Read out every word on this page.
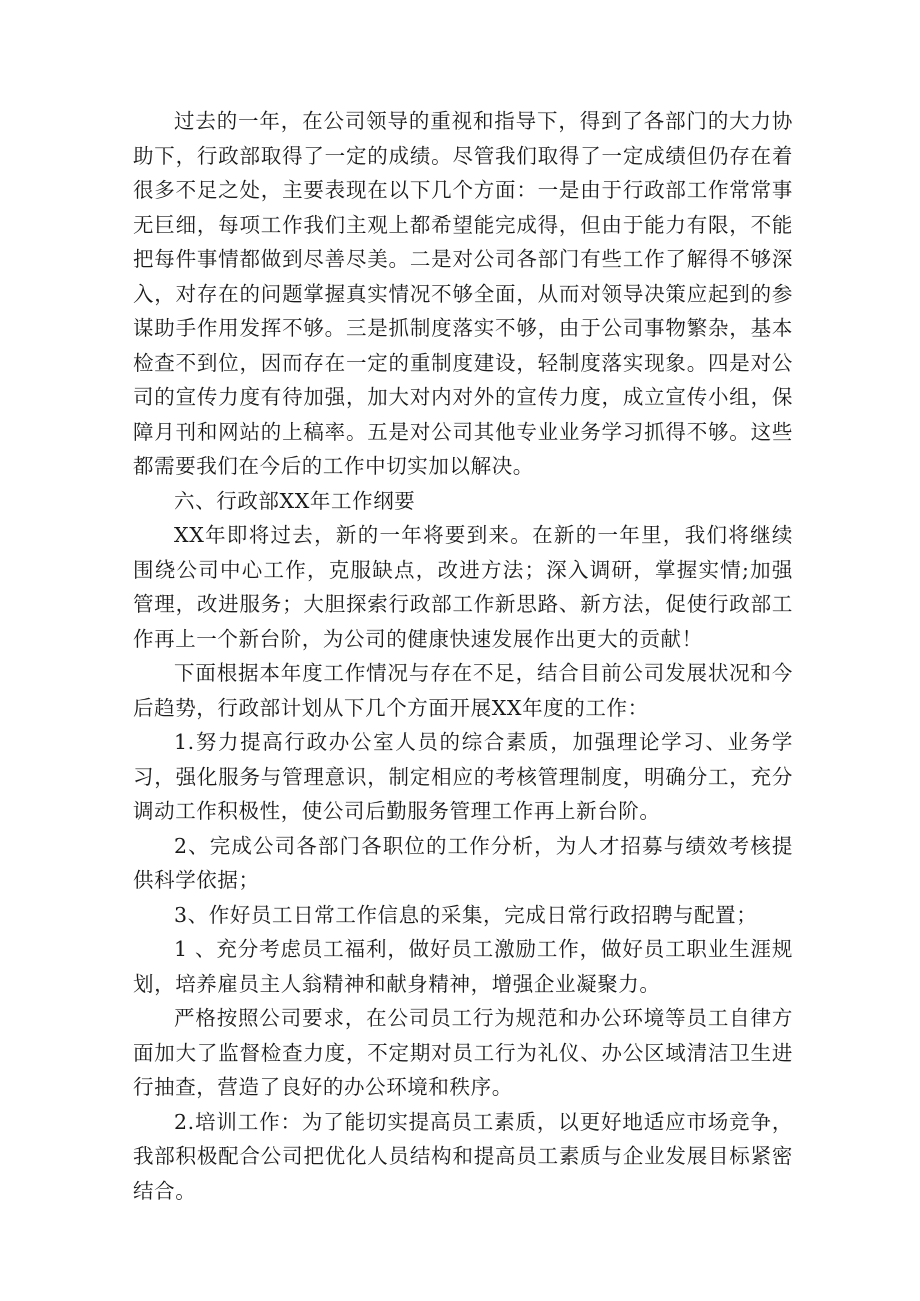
过去的一年，在公司领导的重视和指导下，得到了各部门的大力协助下，行政部取得了一定的成绩。尽管我们取得了一定成绩但仍存在着很多不足之处，主要表现在以下几个方面：一是由于行政部工作常常事无巨细，每项工作我们主观上都希望能完成得，但由于能力有限，不能把每件事情都做到尽善尽美。二是对公司各部门有些工作了解得不够深入，对存在的问题掌握真实情况不够全面，从而对领导决策应起到的参谋助手作用发挥不够。三是抓制度落实不够，由于公司事物繁杂，基本检查不到位，因而存在一定的重制度建设，轻制度落实现象。四是对公司的宣传力度有待加强，加大对内对外的宣传力度，成立宣传小组，保障月刊和网站的上稿率。五是对公司其他专业业务学习抓得不够。这些都需要我们在今后的工作中切实加以解决。

六、行政部XX年工作纲要

XX年即将过去，新的一年将要到来。在新的一年里，我们将继续围绕公司中心工作，克服缺点，改进方法；深入调研，掌握实情;加强管理，改进服务；大胆探索行政部工作新思路、新方法，促使行政部工作再上一个新台阶，为公司的健康快速发展作出更大的贡献！

下面根据本年度工作情况与存在不足，结合目前公司发展状况和今后趋势，行政部计划从下几个方面开展XX年度的工作：

1.努力提高行政办公室人员的综合素质，加强理论学习、业务学习，强化服务与管理意识，制定相应的考核管理制度，明确分工，充分调动工作积极性，使公司后勤服务管理工作再上新台阶。

2、完成公司各部门各职位的工作分析，为人才招募与绩效考核提供科学依据；

3、作好员工日常工作信息的采集，完成日常行政招聘与配置；

1 、充分考虑员工福利，做好员工激励工作，做好员工职业生涯规划，培养雇员主人翁精神和献身精神，增强企业凝聚力。

严格按照公司要求，在公司员工行为规范和办公环境等员工自律方面加大了监督检查力度，不定期对员工行为礼仪、办公区域清洁卫生进行抽查，营造了良好的办公环境和秩序。

2.培训工作：为了能切实提高员工素质，以更好地适应市场竞争，我部积极配合公司把优化人员结构和提高员工素质与企业发展目标紧密结合。
